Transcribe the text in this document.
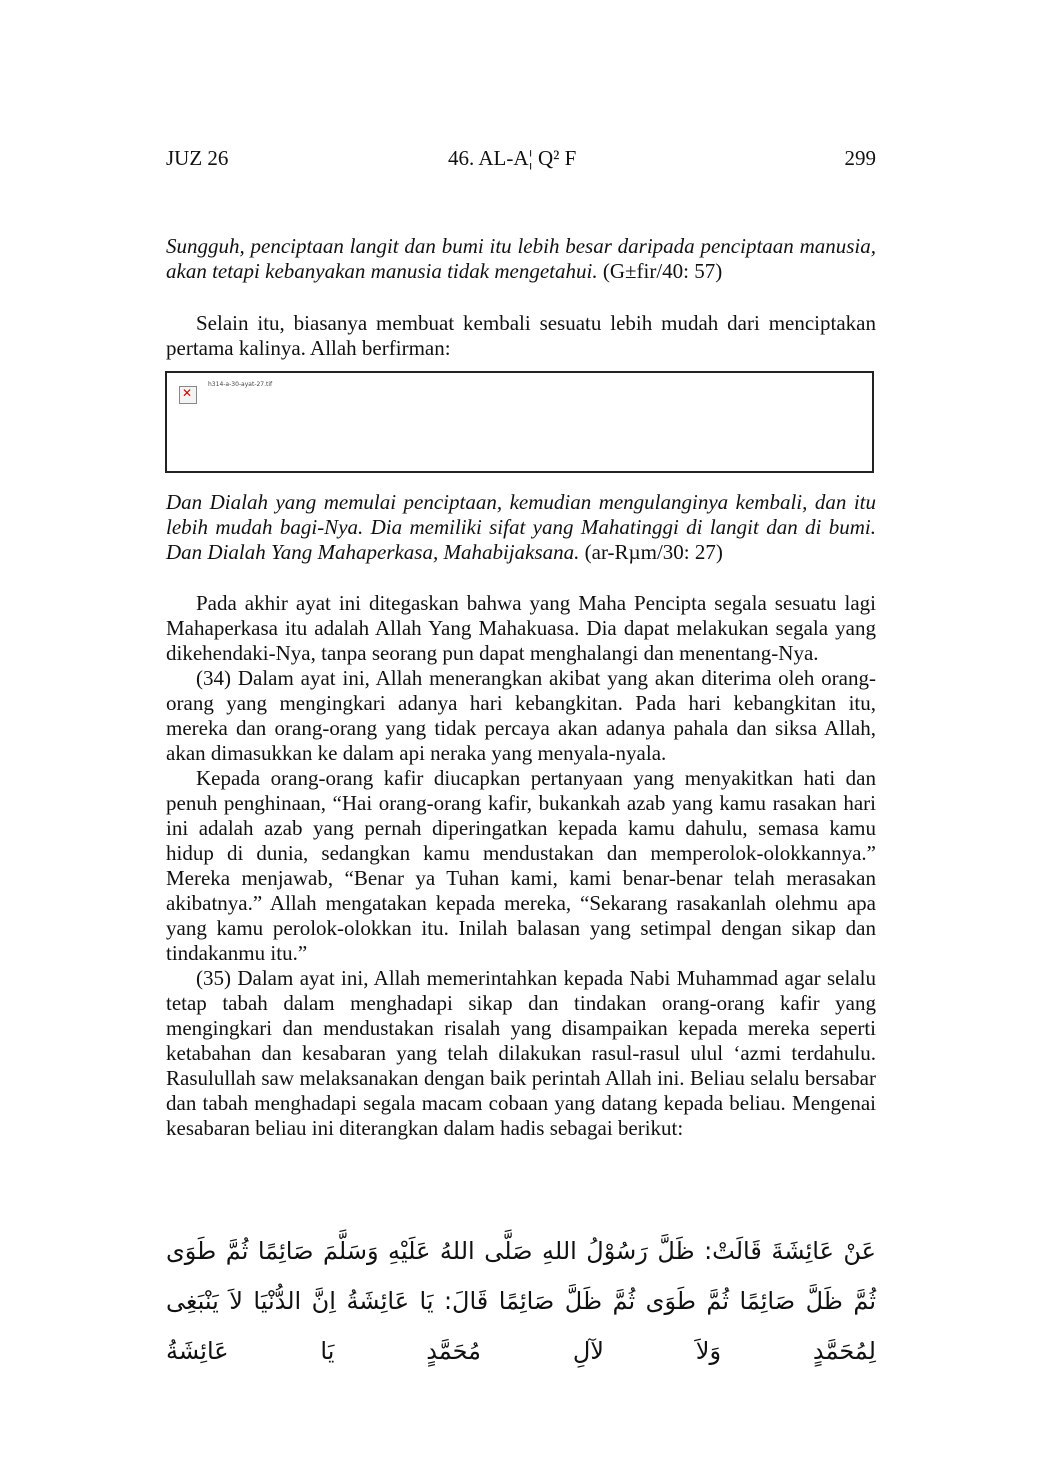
JUZ 26	46. AL-A¦ Q² F	299

Sungguh, penciptaan langit dan bumi itu lebih besar daripada penciptaan manusia, akan tetapi kebanyakan manusia tidak mengetahui. (G±fir/40: 57)

Selain itu, biasanya membuat kembali sesuatu lebih mudah dari menciptakan pertama kalinya. Allah berfirman:

✕
h314-a-30-ayat-27.tif

Dan Dialah yang memulai penciptaan, kemudian mengulanginya kembali, dan itu lebih mudah bagi-Nya. Dia memiliki sifat yang Mahatinggi di langit dan di bumi. Dan Dialah Yang Mahaperkasa, Mahabijaksana. (ar-Rµm/30: 27)

Pada akhir ayat ini ditegaskan bahwa yang Maha Pencipta segala sesuatu lagi Mahaperkasa itu adalah Allah Yang Mahakuasa. Dia dapat melakukan segala yang dikehendaki-Nya, tanpa seorang pun dapat menghalangi dan menentang-Nya.

(34) Dalam ayat ini, Allah menerangkan akibat yang akan diterima oleh orang-orang yang mengingkari adanya hari kebangkitan. Pada hari kebangkitan itu, mereka dan orang-orang yang tidak percaya akan adanya pahala dan siksa Allah, akan dimasukkan ke dalam api neraka yang menyala-nyala.

Kepada orang-orang kafir diucapkan pertanyaan yang menyakitkan hati dan penuh penghinaan, “Hai orang-orang kafir, bukankah azab yang kamu rasakan hari ini adalah azab yang pernah diperingatkan kepada kamu dahulu, semasa kamu hidup di dunia, sedangkan kamu mendustakan dan memperolok-olokkannya.” Mereka menjawab, “Benar ya Tuhan kami, kami benar-benar telah merasakan akibatnya.” Allah mengatakan kepada mereka, “Sekarang rasakanlah olehmu apa yang kamu perolok-olokkan itu. Inilah balasan yang setimpal dengan sikap dan tindakanmu itu.”

(35) Dalam ayat ini, Allah memerintahkan kepada Nabi Muhammad agar selalu tetap tabah dalam menghadapi sikap dan tindakan orang-orang kafir yang mengingkari dan mendustakan risalah yang disampaikan kepada mereka seperti ketabahan dan kesabaran yang telah dilakukan rasul-rasul ulul ‘azmi terdahulu. Rasulullah saw melaksanakan dengan baik perintah Allah ini. Beliau selalu bersabar dan tabah menghadapi segala macam cobaan yang datang kepada beliau. Mengenai kesabaran beliau ini diterangkan dalam hadis sebagai berikut:

عَنْ عَائِشَةَ قَالَتْ: ظَلَّ رَسُوْلُ اللهِ صَلَّى اللهُ عَلَيْهِ وَسَلَّمَ صَائِمًا ثُمَّ طَوَى ثُمَّ ظَلَّ صَائِمًا ثُمَّ طَوَى ثُمَّ ظَلَّ صَائِمًا قَالَ: يَا عَائِشَةُ اِنَّ الدُّنْيَا لاَ يَنْبَغِى لِمُحَمَّدٍ وَلاَ لآلِ مُحَمَّدٍ يَا عَائِشَةُ
